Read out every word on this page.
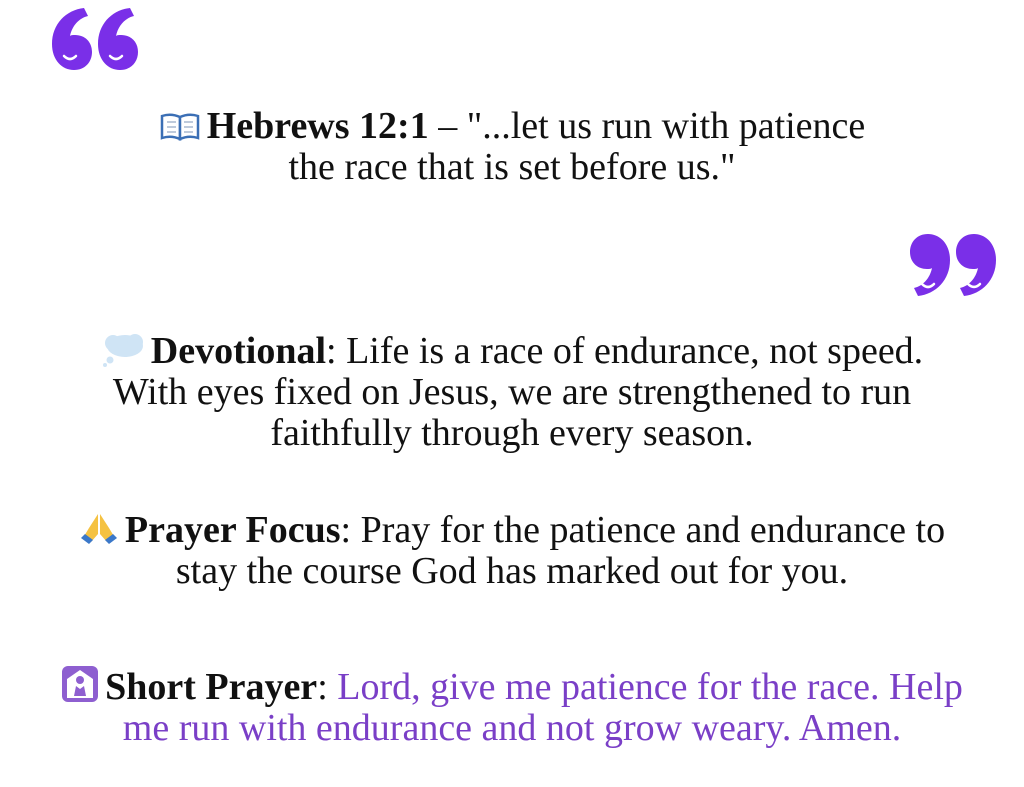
Hebrews 12:1 – "...let us run with patience
the race that is set before us."
Devotional: Life is a race of endurance, not speed.
With eyes fixed on Jesus, we are strengthened to run
faithfully through every season.
Prayer Focus: Pray for the patience and endurance to
stay the course God has marked out for you.
Short Prayer: Lord, give me patience for the race. Help
me run with endurance and not grow weary. Amen.
